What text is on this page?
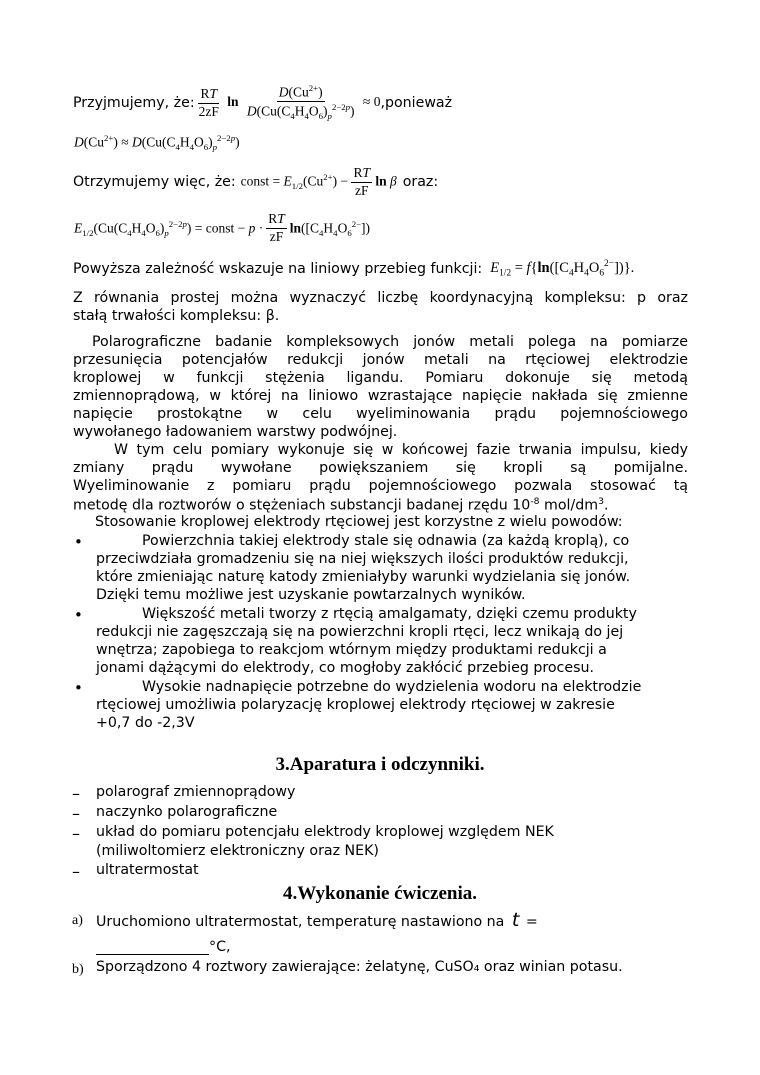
Przyjmujemy, że: $\frac{RT}{2zF}$ $\ln \frac{D(Cu^{2+})}{D(Cu(C_4H_4O_6)_p^{2-2p})} \approx 0$ ,ponieważ
$D(Cu^{2+}) \approx D(Cu(C_4H_4O_6)_p^{2-2p})$
Otrzymujemy więc, że: const = $E_{1/2}(Cu^{2+}) - \frac{RT}{zF}$ ln β oraz:
$E_{1/2}(Cu(C_4H_4O_6)_p^{2-2p})$ = const − $p \cdot \frac{RT}{zF} \ln([C_4H_4O_6^{2-}])$
Powyższa zależność wskazuje na liniowy przebieg funkcji: $E_{1/2} = f\{\ln([C_4H_4O_6^{2-}])\}$.
Z równania prostej można wyznaczyć liczbę koordynacyjną kompleksu: p oraz
stałą trwałości kompleksu: β.
Polarograficzne badanie kompleksowych jonów metali polega na pomiarze
przesunięcia potencjałów redukcji jonów metali na rtęciowej elektrodzie
kroplowej w funkcji stężenia ligandu. Pomiaru dokonuje się metodą
zmiennoprądową, w której na liniowo wzrastające napięcie nakłada się zmienne
napięcie prostokątne w celu wyeliminowania prądu pojemnościowego
wywołanego ładowaniem warstwy podwójnej.
W tym celu pomiary wykonuje się w końcowej fazie trwania impulsu, kiedy
zmiany prądu wywołane powiększaniem się kropli są pomijalne.
Wyeliminowanie z pomiaru prądu pojemnościowego pozwala stosować tą
metodę dla roztworów o stężeniach substancji badanej rzędu $10^{-8}$ mol/$dm^3$.
Stosowanie kroplowej elektrody rtęciowej jest korzystne z wielu powodów:
•	Powierzchnia takiej elektrody stale się odnawia (za każdą kroplą), co
przeciwdziała gromadzeniu się na niej większych ilości produktów redukcji,
które zmieniając naturę katody zmieniałyby warunki wydzielania się jonów.
Dzięki temu możliwe jest uzyskanie powtarzalnych wyników.
•	Większość metali tworzy z rtęcią amalgamaty, dzięki czemu produkty
redukcji nie zagęszczają się na powierzchni kropli rtęci, lecz wnikają do jej
wnętrza; zapobiega to reakcjom wtórnym między produktami redukcji a
jonami dążącymi do elektrody, co mogłoby zakłócić przebieg procesu.
•	Wysokie nadnapięcie potrzebne do wydzielenia wodoru na elektrodzie
rtęciowej umożliwia polaryzację kroplowej elektrody rtęciowej w zakresie
+0,7 do -2,3V
3.Aparatura i odczynniki.
– polarograf zmiennoprądowy
– naczynko polarograficzne
– układ do pomiaru potencjału elektrody kroplowej względem NEK
(miliwoltomierz elektroniczny oraz NEK)
– ultratermostat
4.Wykonanie ćwiczenia.
a) Uruchomiono ultratermostat, temperaturę nastawiono na t =
°C,
b) Sporządzono 4 roztwory zawierające: żelatynę, CuSO₄ oraz winian potasu.
